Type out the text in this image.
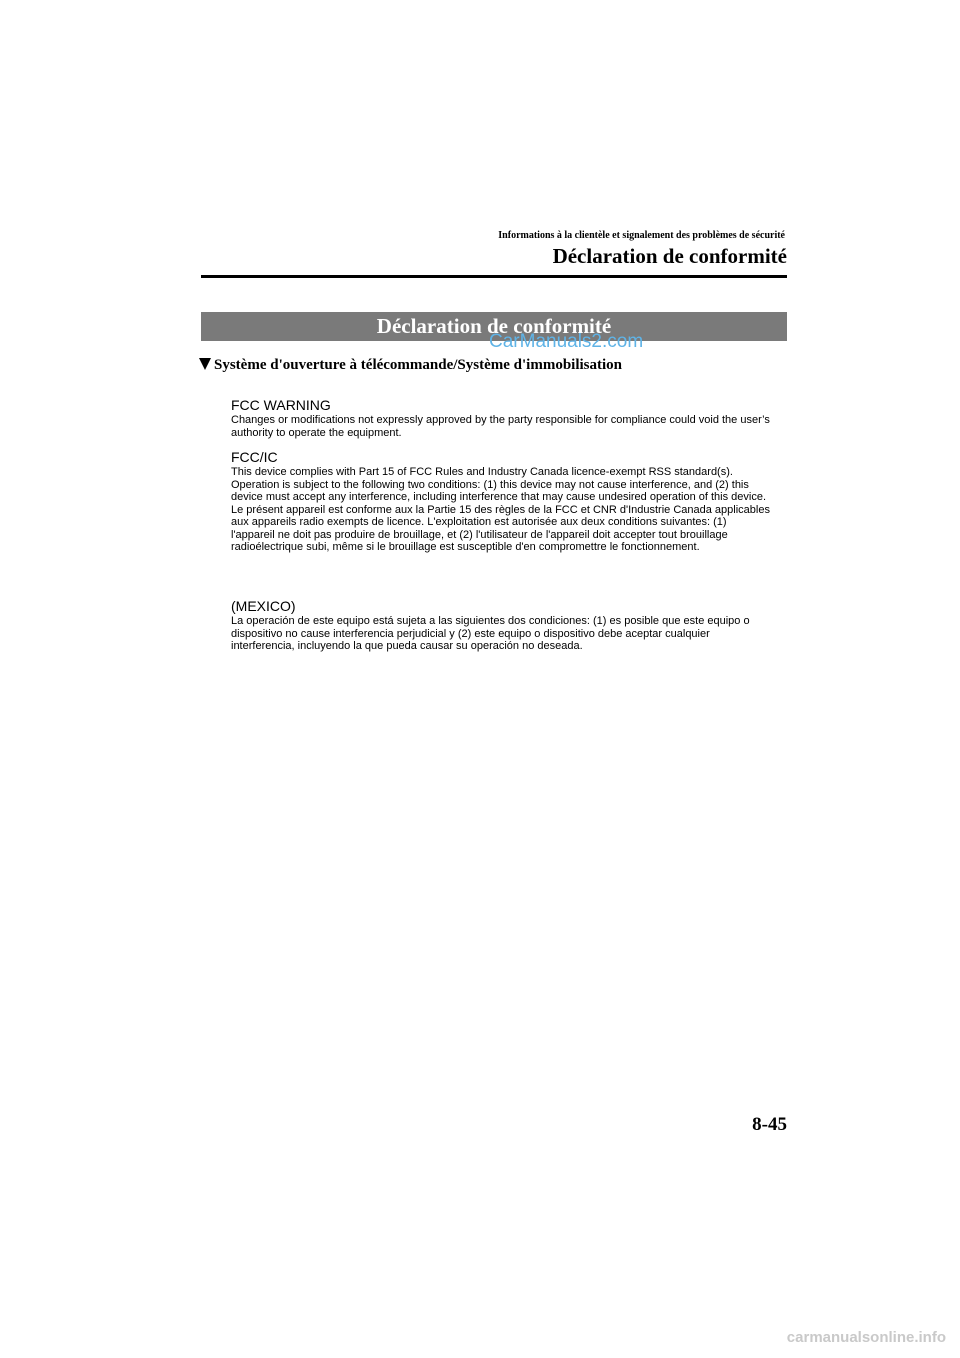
Informations à la clientèle et signalement des problèmes de sécurité
Déclaration de conformité
Déclaration de conformité
CarManuals2.com
Système d'ouverture à télécommande/Système d'immobilisation
FCC WARNING

Changes or modifications not expressly approved by the party responsible for compliance could void the user’s authority to operate the equipment.

FCC/IC

This device complies with Part 15 of FCC Rules and Industry Canada licence-exempt RSS standard(s). Operation is subject to the following two conditions: (1) this device may not cause interference, and (2) this device must accept any interference, including interference that may cause undesired operation of this device.

Le présent appareil est conforme aux la Partie 15 des règles de la FCC et CNR d'Industrie Canada applicables aux appareils radio exempts de licence. L'exploitation est autorisée aux deux conditions suivantes: (1) l'appareil ne doit pas produire de brouillage, et (2) l'utilisateur de l'appareil doit accepter tout brouillage radioélectrique subi, même si le brouillage est susceptible d'en compromettre le fonctionnement.

(MEXICO)

La operación de este equipo está sujeta a las siguientes dos condiciones: (1) es posible que este equipo o dispositivo no cause interferencia perjudicial y (2) este equipo o dispositivo debe aceptar cualquier interferencia, incluyendo la que pueda causar su operación no deseada.

8-45
carmanualsonline.info
